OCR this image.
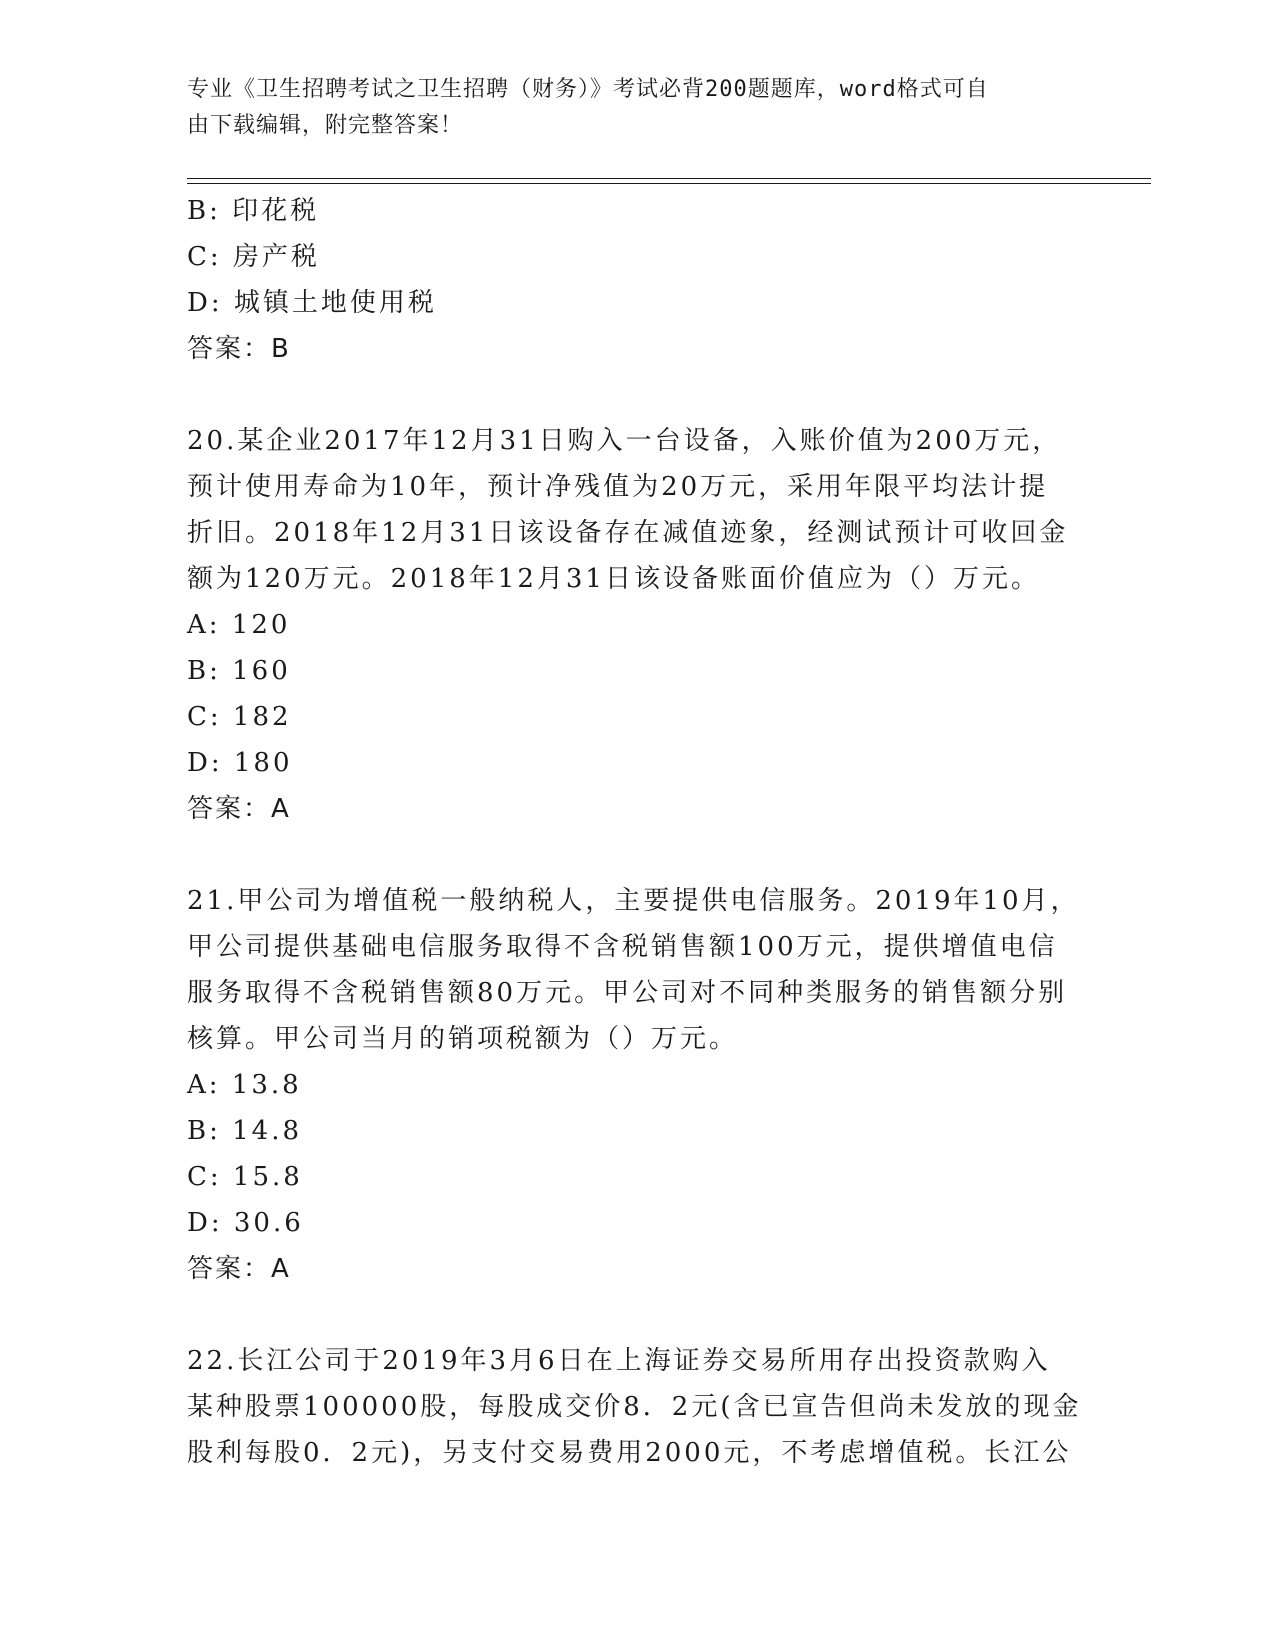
专业《卫生招聘考试之卫生招聘（财务）》考试必背200题题库，word格式可自
由下载编辑，附完整答案！
B: 印花税
C: 房产税
D: 城镇土地使用税
答案：B
20.某企业2017年12月31日购入一台设备，入账价值为200万元，
预计使用寿命为10年，预计净残值为20万元，采用年限平均法计提
折旧。2018年12月31日该设备存在减值迹象，经测试预计可收回金
额为120万元。2018年12月31日该设备账面价值应为（）万元。
A: 120
B: 160
C: 182
D: 180
答案：A
21.甲公司为增值税一般纳税人，主要提供电信服务。2019年10月，
甲公司提供基础电信服务取得不含税销售额100万元，提供增值电信
服务取得不含税销售额80万元。甲公司对不同种类服务的销售额分别
核算。甲公司当月的销项税额为（）万元。
A: 13.8
B: 14.8
C: 15.8
D: 30.6
答案：A
22.长江公司于2019年3月6日在上海证券交易所用存出投资款购入
某种股票100000股，每股成交价8．2元(含已宣告但尚未发放的现金
股利每股0．2元)，另支付交易费用2000元，不考虑增值税。长江公
